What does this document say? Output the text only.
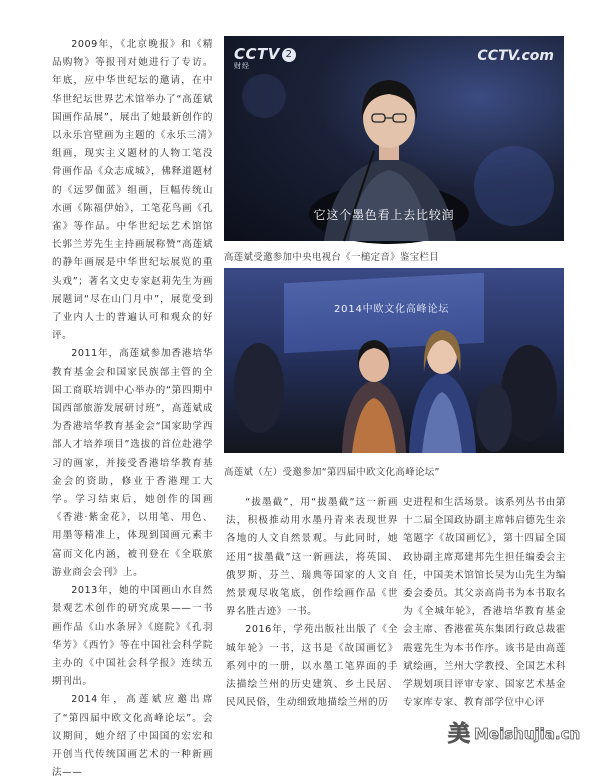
2009年，《北京晚报》和《精品购物》等报刊对她进行了专访。年底，应中华世纪坛的邀请，在中华世纪坛世界艺术馆举办了“高莲斌国画作品展”，展出了她最新创作的以永乐宫壁画为主题的《永乐三清》组画，现实主义题材的人物工笔没骨画作品《众志成城》，佛释道题材的《远罗伽蓝》组画，巨幅传统山水画《陈福伊始》，工笔花鸟画《孔雀》等作品。中华世纪坛艺术馆馆长郭兰芳先生主持画展称赞“高莲斌的静年画展是中华世纪坛展览的重头戏”；著名文史专家赵莉先生为画展题词“尽在山门月中”，展览受到了业内人士的普遍认可和观众的好评。

2011年，高莲斌参加香港培华教育基金会和国家民族部主管的全国工商联培训中心举办的“第四期中国西部旅游发展研讨班”，高莲斌成为香港培华教育基金会“国家助学西部人才培养项目”选拔的首位赴港学习的画家，并接受香港培华教育基金会的资助，修业于香港理工大学。学习结束后，她创作的国画《香港·紫金花》，以用笔、用色、用墨等精准上，体现到国画元素丰富而文化内涵，被刊登在《全联旅游业商会会刊》上。

2013年，她的中国画山水自然景观艺术创作的研究成果——一书画作品《山水条屏》《庭院》《孔羽华芳》《西竹》等在中国社会科学院主办的《中国社会科学报》连续五期刊出。

2014年，高莲斌应邀出席了“第四届中欧文化高峰论坛”。会议期间，她介绍了中国国的宏宏和开创当代传统国画艺术的一种新画法——

CCTV 2
财经
CCTV.com
它这个墨色看上去比较润
高莲斌受邀参加中央电视台《一槌定音》鉴宝栏目
2014中欧文化高峰论坛
高莲斌（左）受邀参加“第四届中欧文化高峰论坛”

“拔墨截”，用“拔墨截”这一新画法，积极推动用水墨丹青来表现世界各地的人文自然景观。与此同时，她还用“拔墨截”这一新画法，将英国、俄罗斯、芬兰、瑞典等国家的人文自然景观尽收笔底，创作绘画作品《世界名胜古迹》一书。

2016年，学苑出版社出版了《全城年轮》一书，这书是《故国画忆》系列中的一册，以水墨工笔界面的手法描绘兰州的历史建筑、乡土民居、民风民俗，生动细致地描绘兰州的历

史进程和生活场景。该系列丛书由第十二届全国政协副主席韩启德先生亲笔题字《故国画忆》，第十四届全国政协副主席郑建邦先生担任编委会主任，中国美术馆馆长吴为山先生为编委会委员。其父亲高尚书为本书取名为《全城年轮》，香港培华教育基金会主席、香港霍英东集团行政总裁霍震霆先生为本书作序。该书是由高莲斌绘画，兰州大学教授、全国艺术科学规划项目评审专家、国家艺术基金专家库专家、教育部学位中心评

美 Meishujia.cn
